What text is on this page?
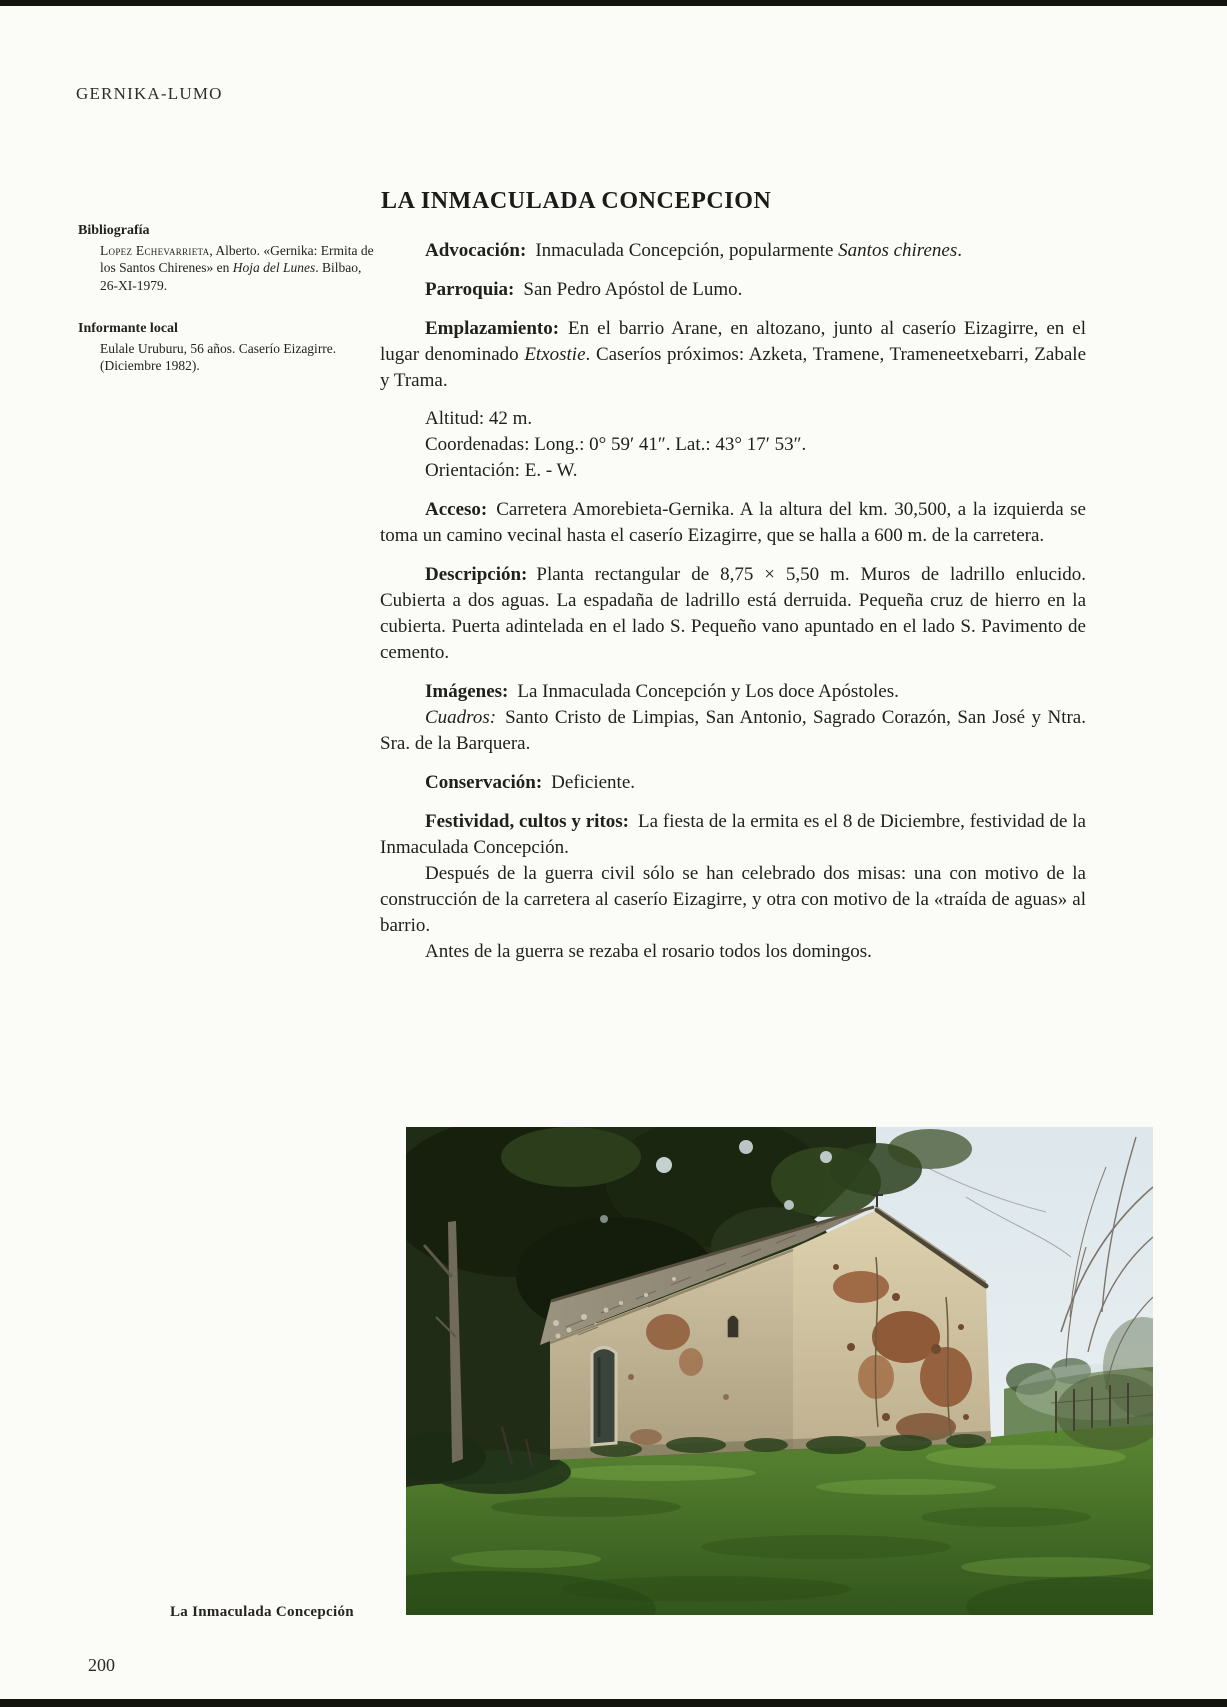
GERNIKA-LUMO
LA INMACULADA CONCEPCION
Bibliografía

Lopez Echevarrieta, Alberto. «Gernika: Ermita de los Santos Chirenes» en Hoja del Lunes. Bilbao, 26-XI-1979.

Informante local

Eulale Uruburu, 56 años. Caserío Eizagirre. (Diciembre 1982).

Advocación: Inmaculada Concepción, popularmente Santos chirenes.

Parroquia: San Pedro Apóstol de Lumo.

Emplazamiento: En el barrio Arane, en altozano, junto al caserío Eizagirre, en el lugar denominado Etxostie. Caseríos próximos: Azketa, Tramene, Trameneetxebarri, Zabale y Trama.

Altitud: 42 m.
Coordenadas: Long.: 0° 59′ 41″. Lat.: 43° 17′ 53″.
Orientación: E. - W.

Acceso: Carretera Amorebieta-Gernika. A la altura del km. 30,500, a la izquierda se toma un camino vecinal hasta el caserío Eizagirre, que se halla a 600 m. de la carretera.

Descripción: Planta rectangular de 8,75 × 5,50 m. Muros de ladrillo enlucido. Cubierta a dos aguas. La espadaña de ladrillo está derruida. Pequeña cruz de hierro en la cubierta. Puerta adintelada en el lado S. Pequeño vano apuntado en el lado S. Pavimento de cemento.

Imágenes: La Inmaculada Concepción y Los doce Apóstoles.

Cuadros: Santo Cristo de Limpias, San Antonio, Sagrado Corazón, San José y Ntra. Sra. de la Barquera.

Conservación: Deficiente.

Festividad, cultos y ritos: La fiesta de la ermita es el 8 de Diciembre, festividad de la Inmaculada Concepción.

Después de la guerra civil sólo se han celebrado dos misas: una con motivo de la construcción de la carretera al caserío Eizagirre, y otra con motivo de la «traída de aguas» al barrio.

Antes de la guerra se rezaba el rosario todos los domingos.

La Inmaculada Concepción
200
